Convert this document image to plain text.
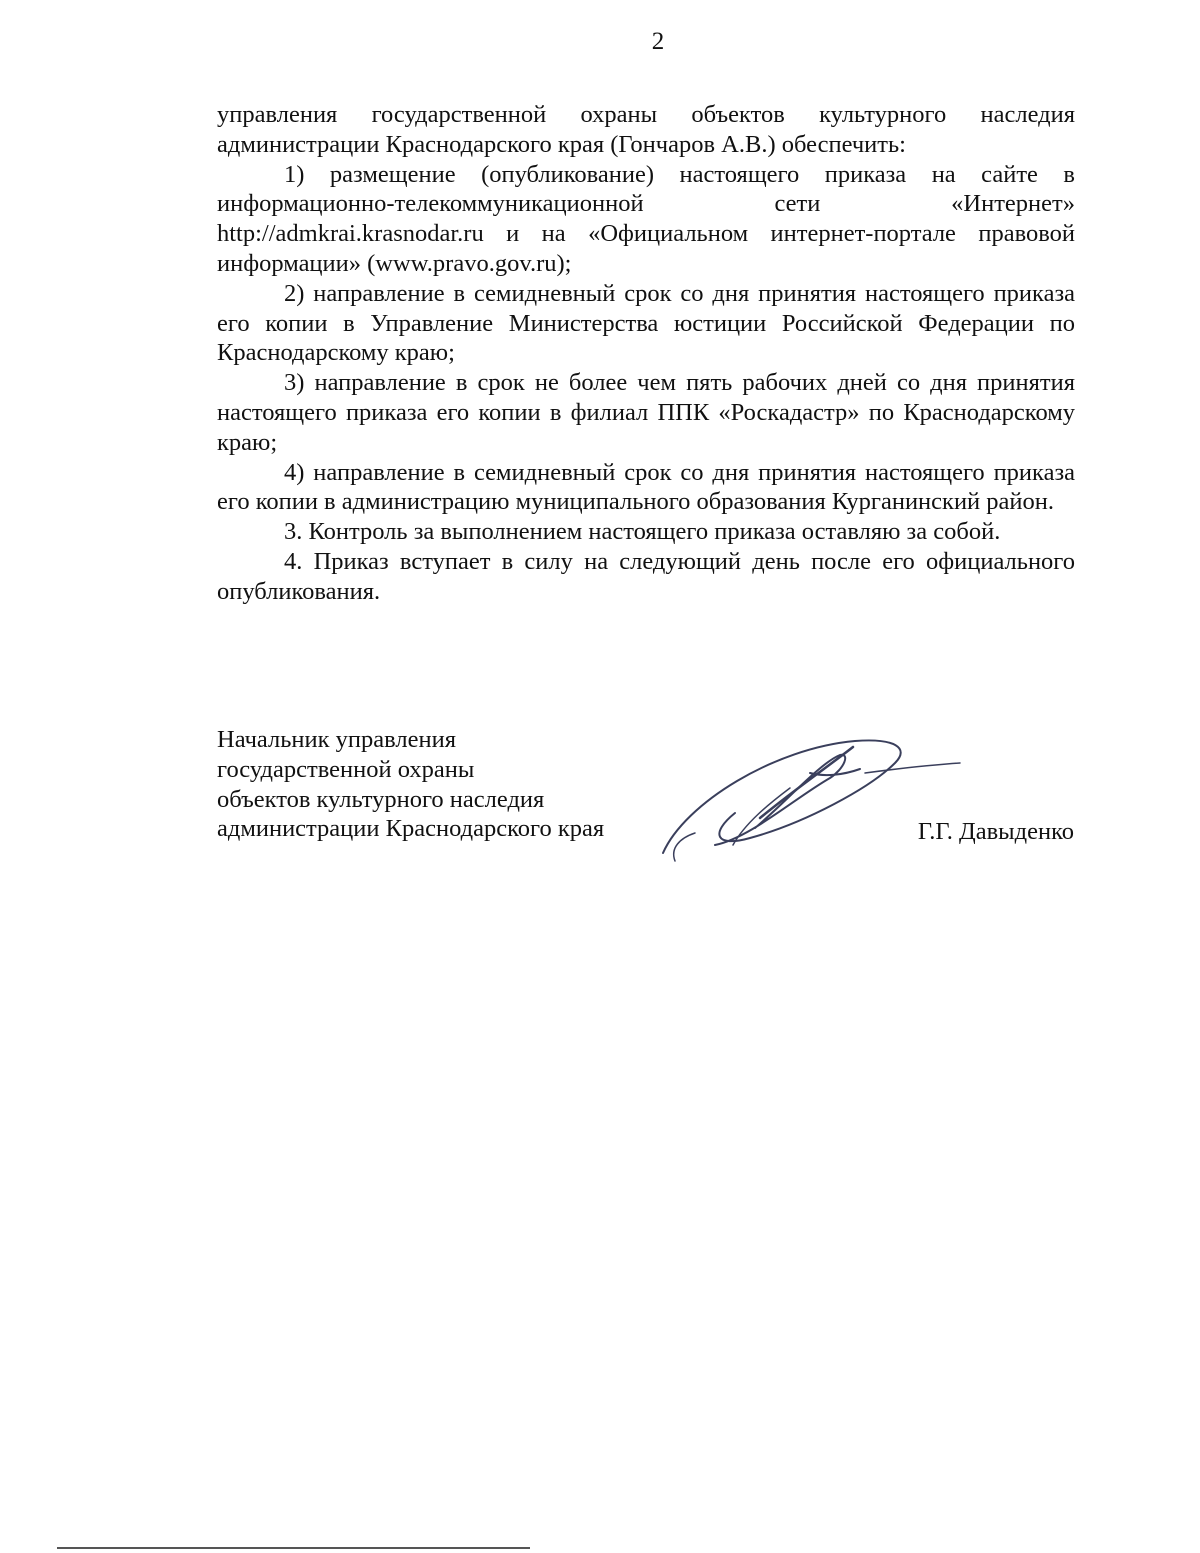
2

управления государственной охраны объектов культурного наследия администрации Краснодарского края (Гончаров А.В.) обеспечить:

1) размещение (опубликование) настоящего приказа на сайте в информационно-телекоммуникационной сети «Интернет»

http://admkrai.krasnodar.ru и на «Официальном интернет-портале правовой информации» (www.pravo.gov.ru);

2) направление в семидневный срок со дня принятия настоящего приказа его копии в Управление Министерства юстиции Российской Федерации по Краснодарскому краю;

3) направление в срок не более чем пять рабочих дней со дня принятия настоящего приказа его копии в филиал ППК «Роскадастр» по Краснодарскому краю;

4) направление в семидневный срок со дня принятия настоящего приказа его копии в администрацию муниципального образования Курганинский район.

3. Контроль за выполнением настоящего приказа оставляю за собой.

4. Приказ вступает в силу на следующий день после его официального опубликования.

Начальник управления
государственной охраны
объектов культурного наследия
администрации Краснодарского края	Г.Г. Давыденко
